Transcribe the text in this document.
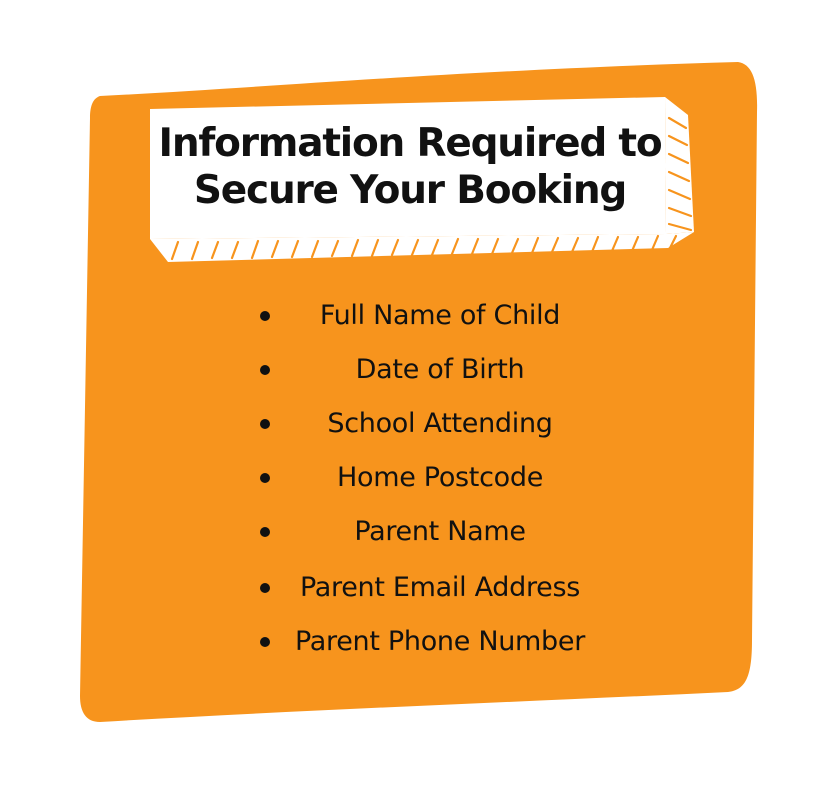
Information Required to
Secure Your Booking
Full Name of Child
Date of Birth
School Attending
Home Postcode
Parent Name
Parent Email Address
Parent Phone Number
